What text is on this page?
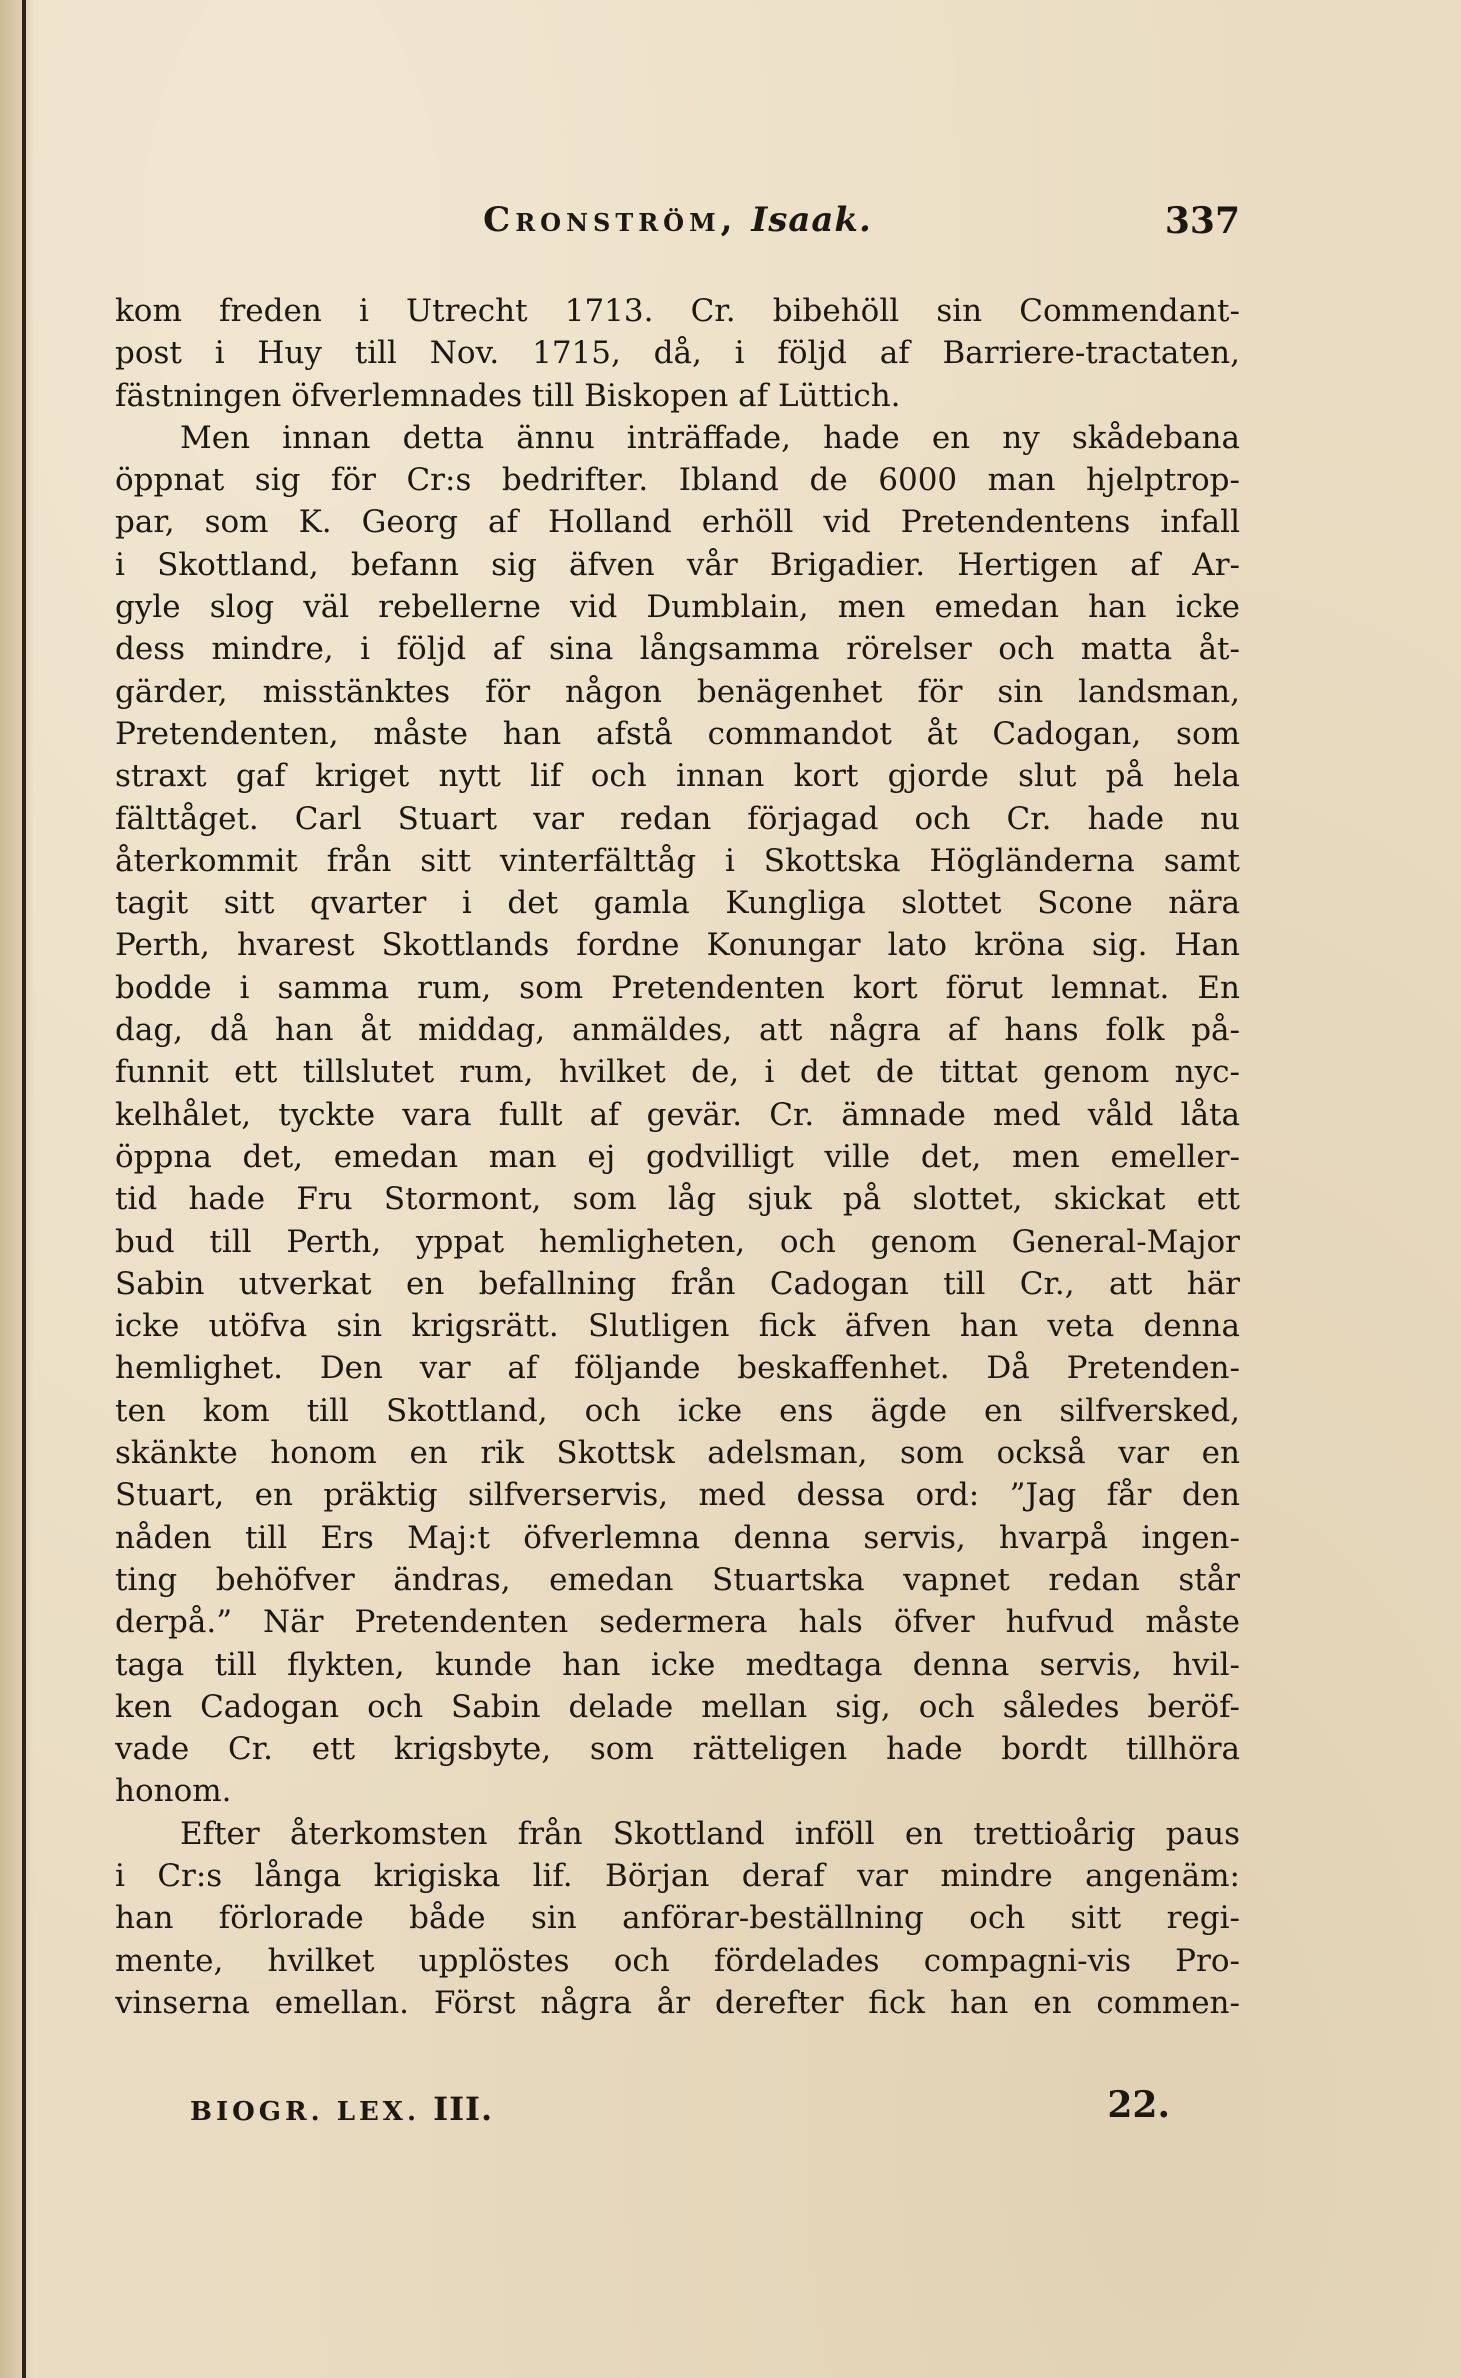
Cronström, Isaak.	337
kom freden i Utrecht 1713. Cr. bibehöll sin Commendant-
post i Huy till Nov. 1715, då, i följd af Barriere-tractaten,
fästningen öfverlemnades till Biskopen af Lüttich.
Men innan detta ännu inträffade, hade en ny skådebana
öppnat sig för Cr:s bedrifter. Ibland de 6000 man hjelptrop-
par, som K. Georg af Holland erhöll vid Pretendentens infall
i Skottland, befann sig äfven vår Brigadier. Hertigen af Ar-
gyle slog väl rebellerne vid Dumblain, men emedan han icke
dess mindre, i följd af sina långsamma rörelser och matta åt-
gärder, misstänktes för någon benägenhet för sin landsman,
Pretendenten, måste han afstå commandot åt Cadogan, som
straxt gaf kriget nytt lif och innan kort gjorde slut på hela
fälttåget. Carl Stuart var redan förjagad och Cr. hade nu
återkommit från sitt vinterfälttåg i Skottska Högländerna samt
tagit sitt qvarter i det gamla Kungliga slottet Scone nära
Perth, hvarest Skottlands fordne Konungar lato kröna sig. Han
bodde i samma rum, som Pretendenten kort förut lemnat. En
dag, då han åt middag, anmäldes, att några af hans folk på-
funnit ett tillslutet rum, hvilket de, i det de tittat genom nyc-
kelhålet, tyckte vara fullt af gevär. Cr. ämnade med våld låta
öppna det, emedan man ej godvilligt ville det, men emeller-
tid hade Fru Stormont, som låg sjuk på slottet, skickat ett
bud till Perth, yppat hemligheten, och genom General-Major
Sabin utverkat en befallning från Cadogan till Cr., att här
icke utöfva sin krigsrätt. Slutligen fick äfven han veta denna
hemlighet. Den var af följande beskaffenhet. Då Pretenden-
ten kom till Skottland, och icke ens ägde en silfversked,
skänkte honom en rik Skottsk adelsman, som också var en
Stuart, en präktig silfverservis, med dessa ord: ”Jag får den
nåden till Ers Maj:t öfverlemna denna servis, hvarpå ingen-
ting behöfver ändras, emedan Stuartska vapnet redan står
derpå.” När Pretendenten sedermera hals öfver hufvud måste
taga till flykten, kunde han icke medtaga denna servis, hvil-
ken Cadogan och Sabin delade mellan sig, och således beröf-
vade Cr. ett krigsbyte, som rätteligen hade bordt tillhöra
honom.
Efter återkomsten från Skottland inföll en trettioårig paus
i Cr:s långa krigiska lif. Början deraf var mindre angenäm:
han förlorade både sin anförar-beställning och sitt regi-
mente, hvilket upplöstes och fördelades compagni-vis Pro-
vinserna emellan. Först några år derefter fick han en commen-
BIOGR. LEX. III.	22.
